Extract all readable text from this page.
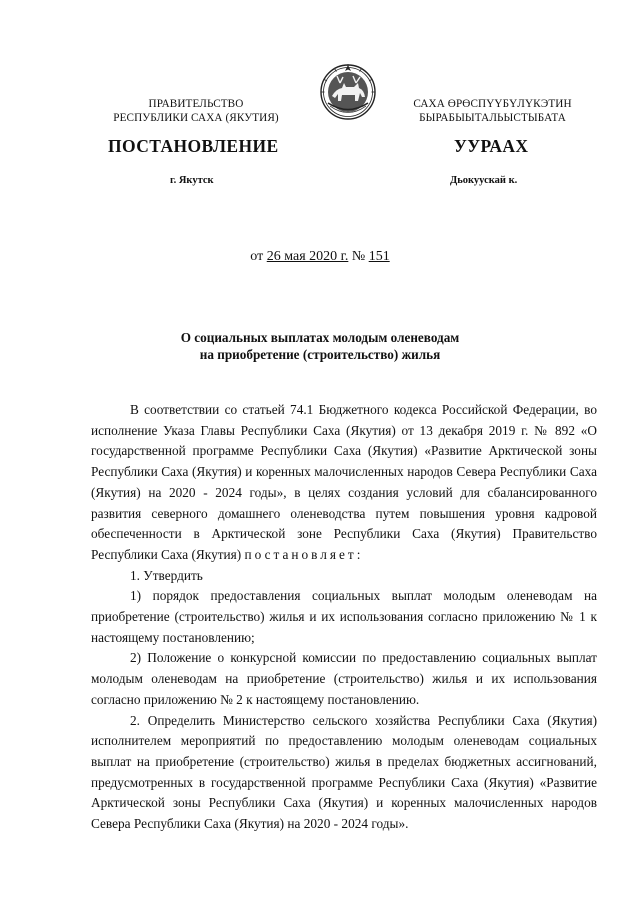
ПРАВИТЕЛЬСТВО
РЕСПУБЛИКИ САХА (ЯКУТИЯ)
САХА ӨРӨСПҮҮБҮЛҮКЭТИН
БЫРАБЫЫТАЛЬЫСТЫБАТА
ПОСТАНОВЛЕНИЕ	УУРААХ
г. Якутск	Дьокуускай к.
от 26 мая 2020 г. № 151
О социальных выплатах молодым оленеводам
на приобретение (строительство) жилья

В соответствии со статьей 74.1 Бюджетного кодекса Российской Федерации, во исполнение Указа Главы Республики Саха (Якутия) от 13 декабря 2019 г. № 892 «О государственной программе Республики Саха (Якутия) «Развитие Арктической зоны Республики Саха (Якутия) и коренных малочисленных народов Севера Республики Саха (Якутия) на 2020 - 2024 годы», в целях создания условий для сбалансированного развития северного домашнего оленеводства путем повышения уровня кадровой обеспеченности в Арктической зоне Республики Саха (Якутия) Правительство Республики Саха (Якутия) постановляет:

1. Утвердить

1) порядок предоставления социальных выплат молодым оленеводам на приобретение (строительство) жилья и их использования согласно приложению № 1 к настоящему постановлению;

2) Положение о конкурсной комиссии по предоставлению социальных выплат молодым оленеводам на приобретение (строительство) жилья и их использования согласно приложению № 2 к настоящему постановлению.

2. Определить Министерство сельского хозяйства Республики Саха (Якутия) исполнителем мероприятий по предоставлению молодым оленеводам социальных выплат на приобретение (строительство) жилья в пределах бюджетных ассигнований, предусмотренных в государственной программе Республики Саха (Якутия) «Развитие Арктической зоны Республики Саха (Якутия) и коренных малочисленных народов Севера Республики Саха (Якутия) на 2020 - 2024 годы».
